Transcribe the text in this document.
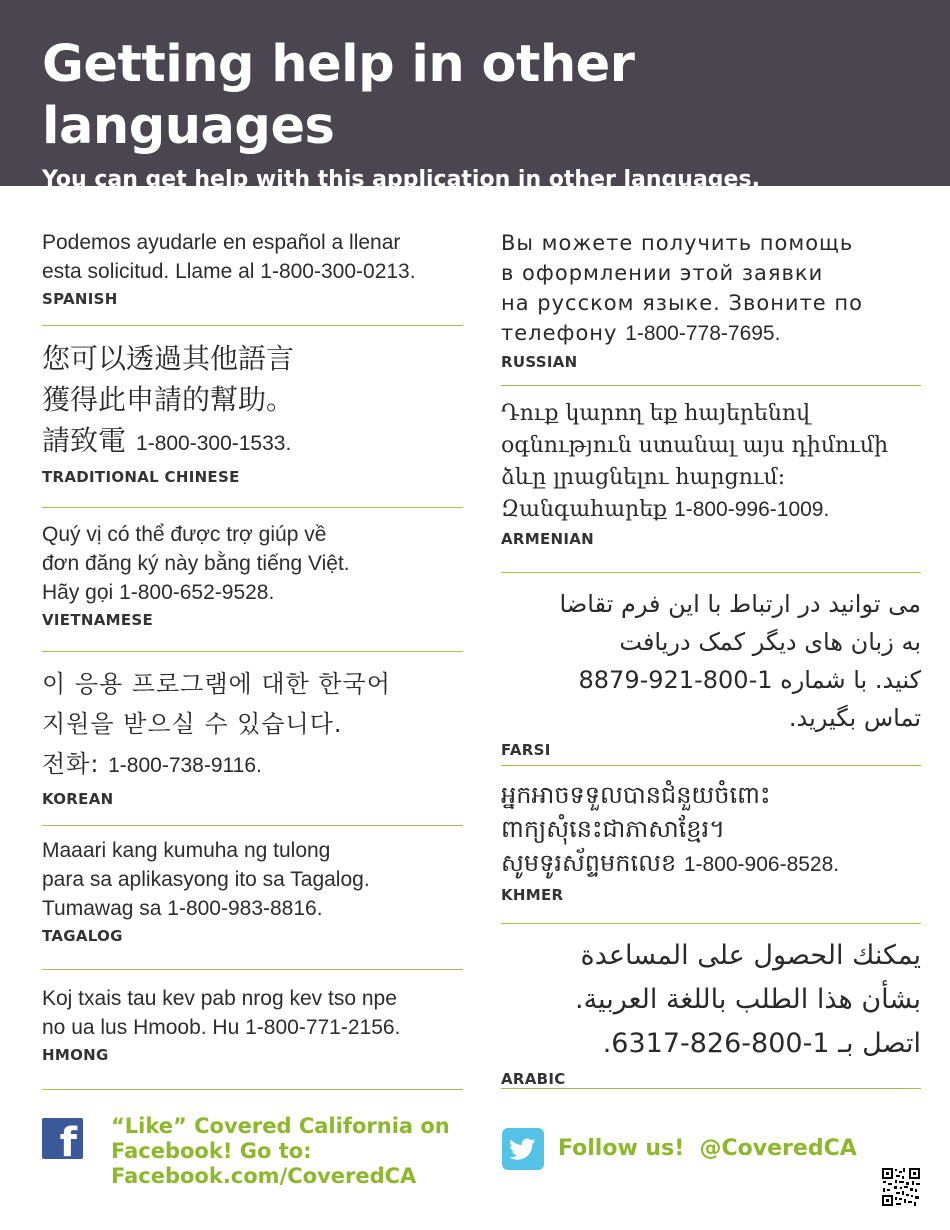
Getting help in other languages
You can get help with this application in other languages.
Call 1-800-300-1506.
Podemos ayudarle en español a llenar
esta solicitud. Llame al 1-800-300-0213.
SPANISH
您可以透過其他語言
獲得此申請的幫助。
請致電 1-800-300-1533.
TRADITIONAL CHINESE
Quý vị có thể được trợ giúp về
đơn đăng ký này bằng tiếng Việt.
Hãy gọi 1-800-652-9528.
VIETNAMESE
이 응용 프로그램에 대한 한국어
지원을 받으실 수 있습니다.
전화: 1-800-738-9116.
KOREAN
Maaari kang kumuha ng tulong
para sa aplikasyong ito sa Tagalog.
Tumawag sa 1-800-983-8816.
TAGALOG
Koj txais tau kev pab nrog kev tso npe
no ua lus Hmoob. Hu 1-800-771-2156.
HMONG
Вы можете получить помощь
в оформлении этой заявки
на русском языке. Звоните по
телефону 1-800-778-7695.
RUSSIAN
Դուք կարող եք հայերենով
օգնություն ստանալ այս դիմումի
ձևը լրացնելու հարցում:
Զանգահարեք 1-800-996-1009.
ARMENIAN
می توانید در ارتباط با این فرم تقاضا
به زبان های دیگر کمک دریافت
کنید. با شماره 1-800-921-8879
تماس بگیرید.
FARSI
អ្នកអាចទទួលបានជំនួយចំពោះ
ពាក្យសុំនេះជាភាសាខ្មែរ។
សូមទូរស័ព្ទមកលេខ 1-800-906-8528.
KHMER
يمكنك الحصول على المساعدة
بشأن هذا الطلب باللغة العربية.
اتصل بـ 1-800-826-6317.
ARABIC
f “Like” Covered California on Facebook! Go to: Facebook.com/CoveredCA
Follow us!  @CoveredCA
